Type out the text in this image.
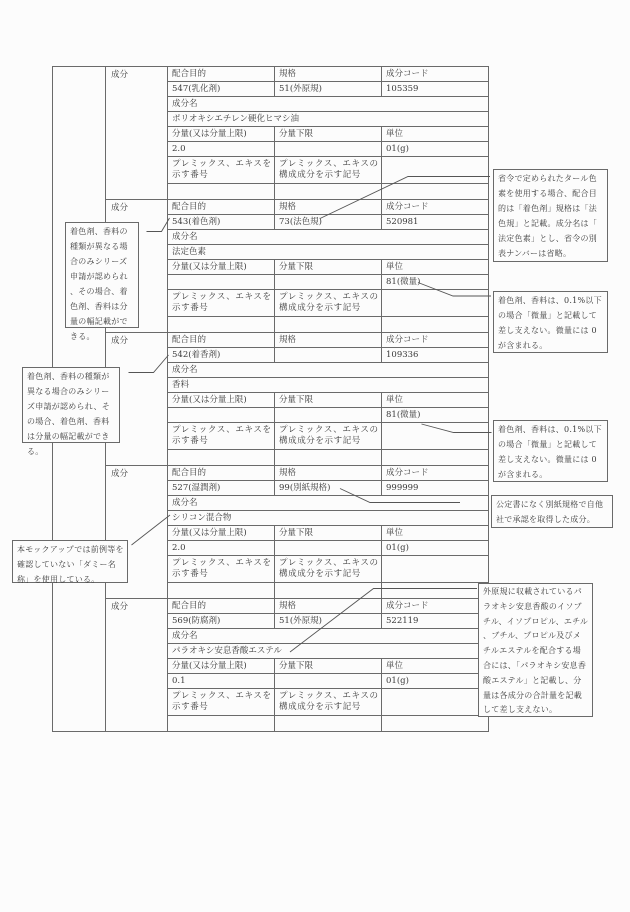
	成分	配合目的	規格	成分コード
		547(乳化剤)	51(外原規)	105359
		成分名		
		ポリオキシエチレン硬化ヒマシ油		
		分量(又は分量上限)	分量下限	単位
		2.0		01(g)
		プレミックス、エキスを示す番号	プレミックス、エキスの構成成分を示す記号	

	成分	配合目的	規格	成分コード
		543(着色剤)	73(法色規)	520981
		成分名		
		法定色素		
		分量(又は分量上限)	分量下限	単位
				81(微量)
		プレミックス、エキスを示す番号	プレミックス、エキスの構成成分を示す記号	

	成分	配合目的	規格	成分コード
		542(着香剤)		109336
		成分名		
		香料		
		分量(又は分量上限)	分量下限	単位
				81(微量)
		プレミックス、エキスを示す番号	プレミックス、エキスの構成成分を示す記号	

	成分	配合目的	規格	成分コード
		527(湿潤剤)	99(別紙規格)	999999
		成分名		
		シリコン混合物		
		分量(又は分量上限)	分量下限	単位
		2.0		01(g)
		プレミックス、エキスを示す番号	プレミックス、エキスの構成成分を示す記号	

	成分	配合目的	規格	成分コード
		569(防腐剤)	51(外原規)	522119
		成分名		
		パラオキシ安息香酸エステル		
		分量(又は分量上限)	分量下限	単位
		0.1		01(g)
		プレミックス、エキスを示す番号	プレミックス、エキスの構成成分を示す記号	

省令で定められたタール色素を使用する場合、配合目的は「着色剤」規格は「法色規」と記載。成分名は「法定色素」とし、省令の別表ナンバーは省略。
着色剤、香料は、0.1%以下の場合「微量」と記載して差し支えない。微量には 0 が含まれる。
着色剤、香料は、0.1%以下の場合「微量」と記載して差し支えない。微量には 0 が含まれる。
着色剤、香料の種類が異なる場合のみシリーズ申請が認められ、その場合、着色剤、香料は分量の幅記載ができる。
着色剤、香料の種類が異なる場合のみシリーズ申請が認められ、その場合、着色剤、香料は分量の幅記載ができる。
公定書になく別紙規格で自他社で承認を取得した成分。
本モックアップでは前例等を確認していない「ダミー名称」を使用している。
外原規に収載されているパラオキシ安息香酸のイソブチル、イソプロピル、エチル、ブチル、プロピル及びメチルエステルを配合する場合には、「パラオキシ安息香酸エステル」と記載し、分量は各成分の合計量を記載して差し支えない。
